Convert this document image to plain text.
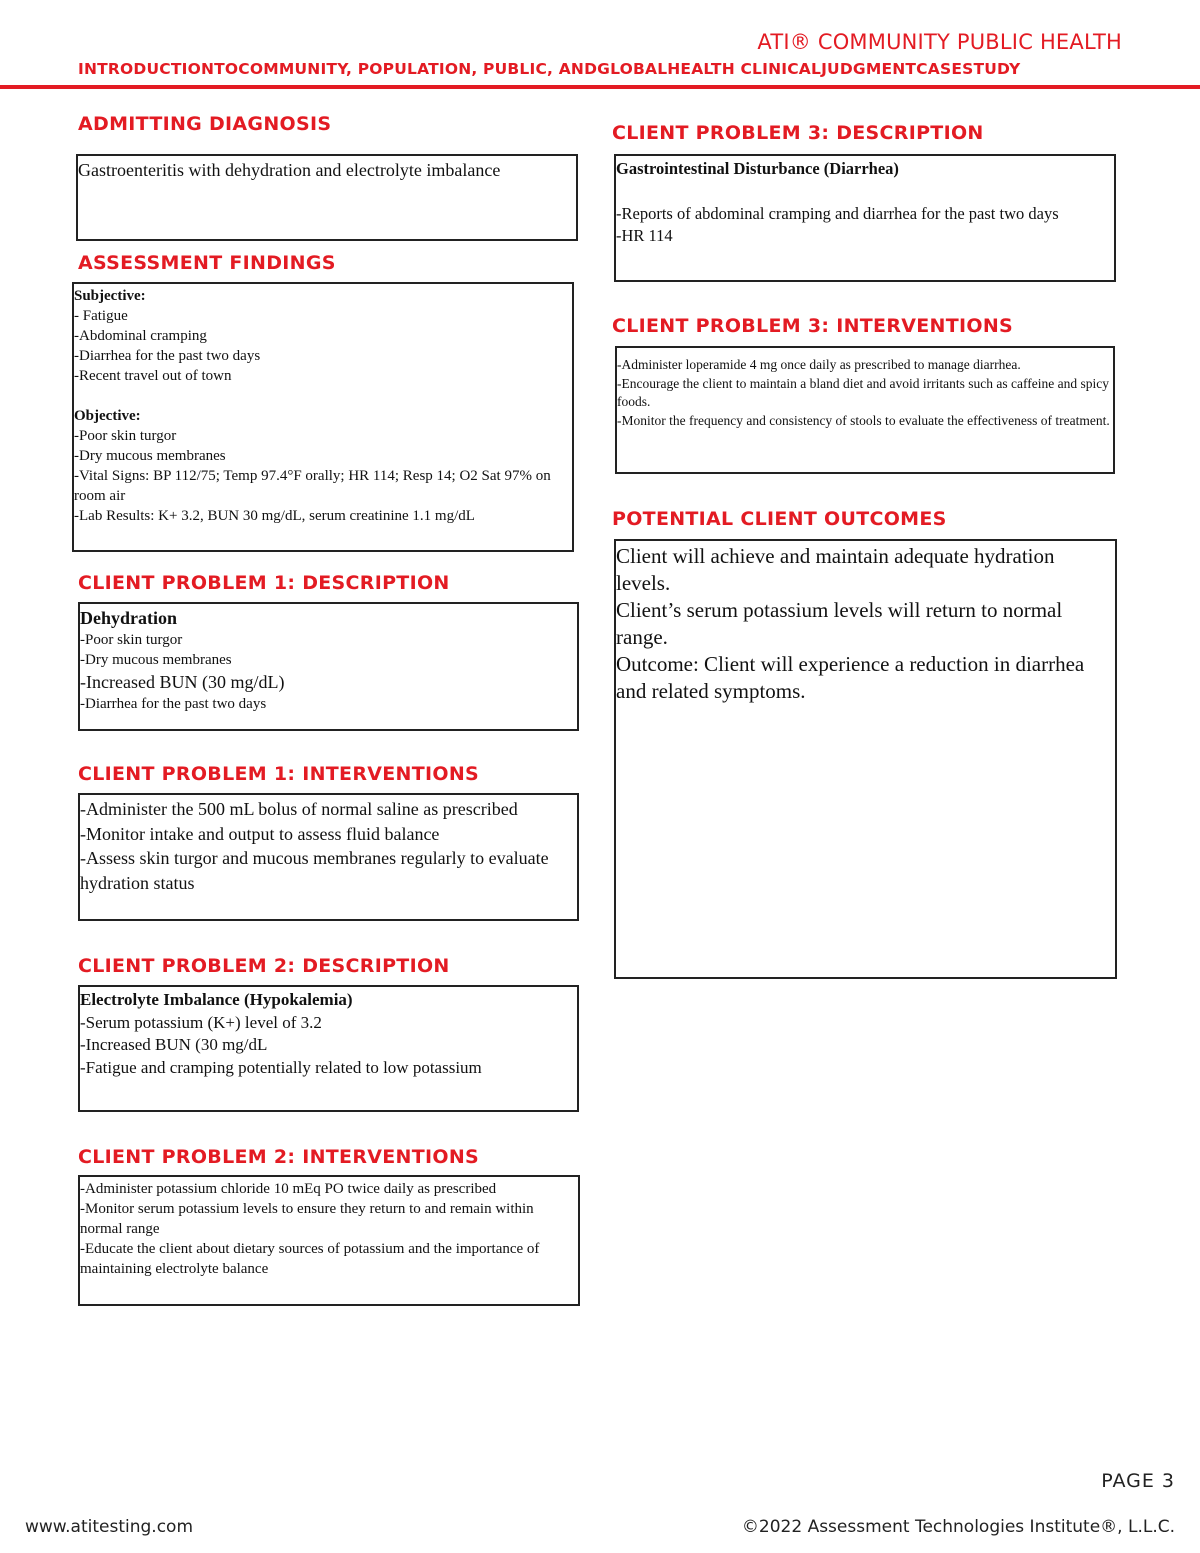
ATI® COMMUNITY PUBLIC HEALTH
INTRODUCTIONTOCOMMUNITY, POPULATION, PUBLIC, ANDGLOBALHEALTH CLINICALJUDGMENTCASESTUDY
ADMITTING DIAGNOSIS
Gastroenteritis with dehydration and electrolyte imbalance
ASSESSMENT FINDINGS
Subjective:
- Fatigue
-Abdominal cramping
-Diarrhea for the past two days
-Recent travel out of town
Objective:
-Poor skin turgor
-Dry mucous membranes
-Vital Signs: BP 112/75; Temp 97.4°F orally; HR 114; Resp 14; O2 Sat 97% on room air
-Lab Results: K+ 3.2, BUN 30 mg/dL, serum creatinine 1.1 mg/dL
CLIENT PROBLEM 1: DESCRIPTION
Dehydration
-Poor skin turgor
-Dry mucous membranes
-Increased BUN (30 mg/dL)
-Diarrhea for the past two days
CLIENT PROBLEM 1: INTERVENTIONS
-Administer the 500 mL bolus of normal saline as prescribed
-Monitor intake and output to assess fluid balance
-Assess skin turgor and mucous membranes regularly to evaluate hydration status
CLIENT PROBLEM 2: DESCRIPTION
Electrolyte Imbalance (Hypokalemia)
-Serum potassium (K+) level of 3.2
-Increased BUN (30 mg/dL
-Fatigue and cramping potentially related to low potassium
CLIENT PROBLEM 2: INTERVENTIONS
-Administer potassium chloride 10 mEq PO twice daily as prescribed
-Monitor serum potassium levels to ensure they return to and remain within normal range
-Educate the client about dietary sources of potassium and the importance of maintaining electrolyte balance
CLIENT PROBLEM 3: DESCRIPTION
Gastrointestinal Disturbance (Diarrhea)
-Reports of abdominal cramping and diarrhea for the past two days
-HR 114
CLIENT PROBLEM 3: INTERVENTIONS
-Administer loperamide 4 mg once daily as prescribed to manage diarrhea.
-Encourage the client to maintain a bland diet and avoid irritants such as caffeine and spicy foods.
-Monitor the frequency and consistency of stools to evaluate the effectiveness of treatment.
POTENTIAL CLIENT OUTCOMES
Client will achieve and maintain adequate hydration levels.
Client’s serum potassium levels will return to normal range.
Outcome: Client will experience a reduction in diarrhea and related symptoms.
PAGE 3
www.atitesting.com	©2022 Assessment Technologies Institute®, L.L.C.
